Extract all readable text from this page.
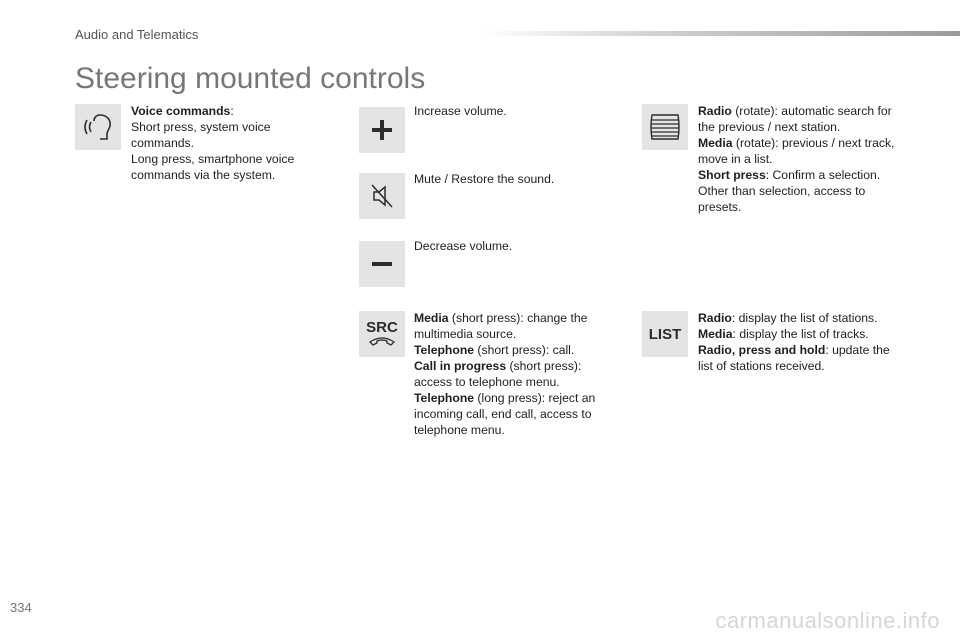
Audio and Telematics
Steering mounted controls
Voice commands:
Short press, system voice
commands.
Long press, smartphone voice
commands via the system.
Increase volume.
Mute / Restore the sound.
Decrease volume.
SRC
Media (short press): change the
multimedia source.
Telephone (short press): call.
Call in progress (short press):
access to telephone menu.
Telephone (long press): reject an
incoming call, end call, access to
telephone menu.
Radio (rotate): automatic search for
the previous / next station.
Media (rotate): previous / next track,
move in a list.
Short press: Confirm a selection.
Other than selection, access to
presets.
LIST
Radio: display the list of stations.
Media: display the list of tracks.
Radio, press and hold: update the
list of stations received.
334
carmanualsonline.info
